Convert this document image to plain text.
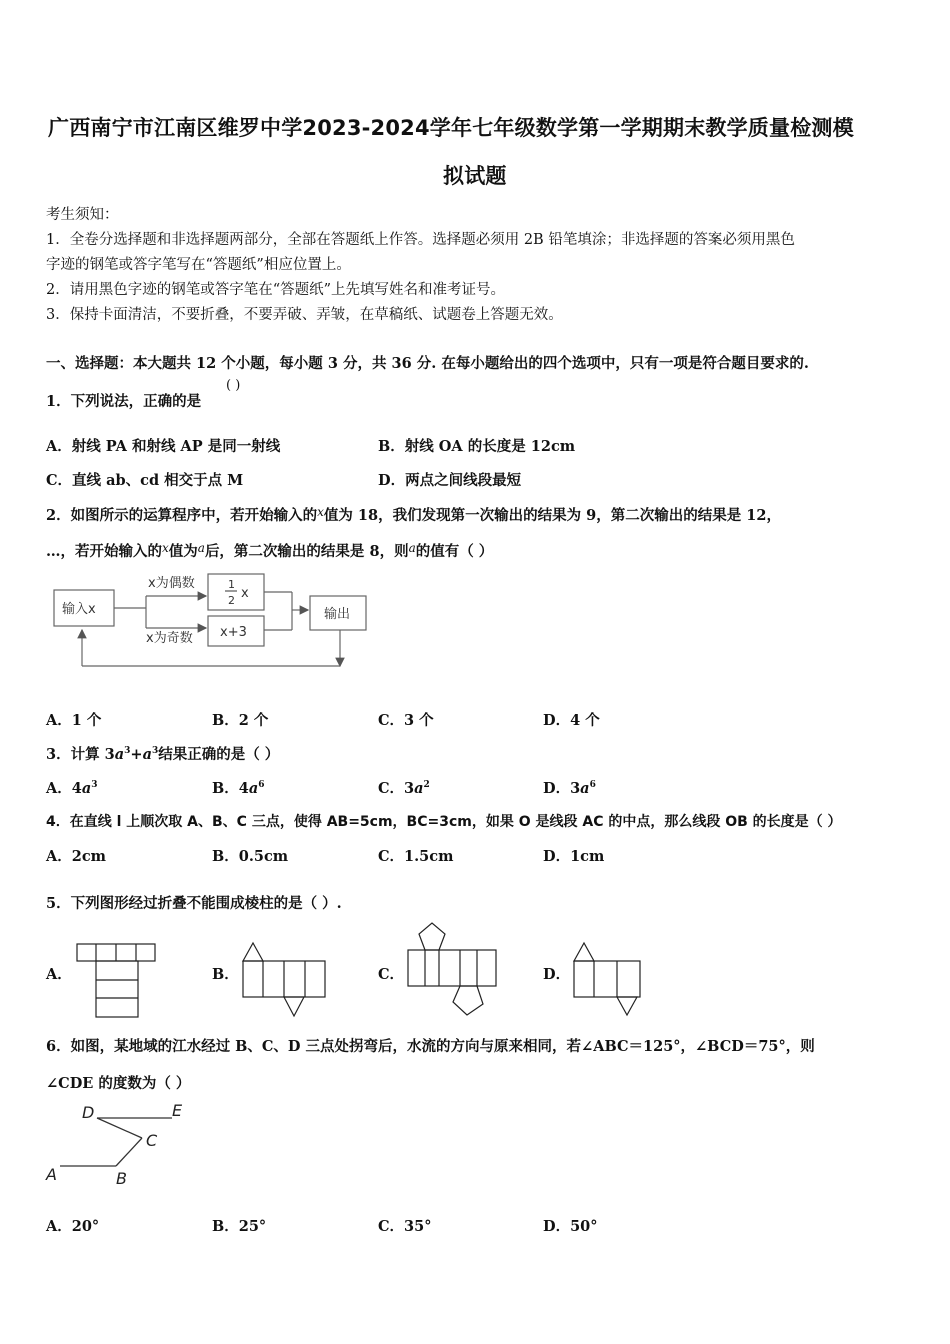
广西南宁市江南区维罗中学2023-2024学年七年级数学第一学期期末教学质量检测模
拟试题
考生须知：
1．全卷分选择题和非选择题两部分，全部在答题纸上作答。选择题必须用 2B 铅笔填涂；非选择题的答案必须用黑色
字迹的钢笔或答字笔写在“答题纸”相应位置上。
2．请用黑色字迹的钢笔或答字笔在“答题纸”上先填写姓名和准考证号。
3．保持卡面清洁，不要折叠，不要弄破、弄皱，在草稿纸、试题卷上答题无效。
一、选择题：本大题共 12 个小题，每小题 3 分，共 36 分. 在每小题给出的四个选项中，只有一项是符合题目要求的.
1．下列说法，正确的是
( )
A．射线 PA 和射线 AP 是同一射线	B．射线 OA 的长度是 12cm
C．直线 ab、cd 相交于点 M	D．两点之间线段最短
2．如图所示的运算程序中，若开始输入的$^x$值为 18，我们发现第一次输出的结果为 9，第二次输出的结果是 12，
…，若开始输入的$^x$值为$^a$后，第二次输出的结果是 8，则$^a$的值有（ ）
输入x
x为偶数
x为奇数
1
2 x
x+3
输出
A．1 个	B．2 个	C．3 个	D．4 个
3．计算 $3a^3+a^3$结果正确的是（ ）
A．$4a^3$	B．$4a^6$	C．$3a^2$	D．$3a^6$
4．在直线 l 上顺次取 A、B、C 三点，使得 AB=5cm，BC=3cm，如果 O 是线段 AC 的中点，那么线段 OB 的长度是（ ）
A．2cm	B．0.5cm	C．1.5cm	D．1cm
5．下列图形经过折叠不能围成棱柱的是（ ）.
A．	B．	C．	D．
6．如图，某地域的江水经过 B、C、D 三点处拐弯后，水流的方向与原来相同，若∠ABC＝125°，∠BCD＝75°，则
∠CDE 的度数为（ ）
D	E
C
A	B
A．20°	B．25°	C．35°	D．50°
